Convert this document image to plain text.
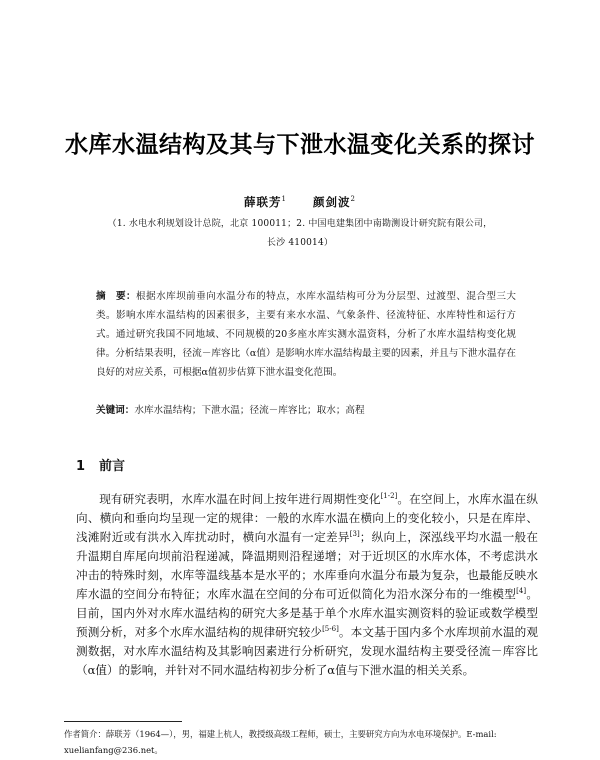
水库水温结构及其与下泄水温变化关系的探讨
薛联芳$^1$ 颜剑波$^2$
（1. 水电水利规划设计总院，北京 100011；2. 中国电建集团中南勘测设计研究院有限公司，
长沙 410014）
摘　要：根据水库坝前垂向水温分布的特点，水库水温结构可分为分层型、过渡型、混合型三大类。影响水库水温结构的因素很多，主要有来水水温、气象条件、径流特征、水库特性和运行方式。通过研究我国不同地域、不同规模的20多座水库实测水温资料，分析了水库水温结构变化规律。分析结果表明，径流－库容比（α值）是影响水库水温结构最主要的因素，并且与下泄水温存在良好的对应关系，可根据α值初步估算下泄水温变化范围。
关键词：水库水温结构；下泄水温；径流－库容比；取水；高程
1 前言
现有研究表明，水库水温在时间上按年进行周期性变化[1-2]。在空间上，水库水温在纵向、横向和垂向均呈现一定的规律：一般的水库水温在横向上的变化较小，只是在库岸、浅滩附近或有洪水入库扰动时，横向水温有一定差异[3]；纵向上，深泓线平均水温一般在升温期自库尾向坝前沿程递减，降温期则沿程递增；对于近坝区的水库水体，不考虑洪水冲击的特殊时刻，水库等温线基本是水平的；水库垂向水温分布最为复杂，也最能反映水库水温的空间分布特征；水库水温在空间的分布可近似简化为沿水深分布的一维模型[4]。目前，国内外对水库水温结构的研究大多是基于单个水库水温实测资料的验证或数学模型预测分析，对多个水库水温结构的规律研究较少[5-6]。本文基于国内多个水库坝前水温的观测数据，对水库水温结构及其影响因素进行分析研究，发现水温结构主要受径流－库容比（α值）的影响，并针对不同水温结构初步分析了α值与下泄水温的相关关系。
作者简介：薛联芳（1964—），男，福建上杭人，教授级高级工程师，硕士，主要研究方向为水电环境保护。E-mail: xuelianfang@236.net。
